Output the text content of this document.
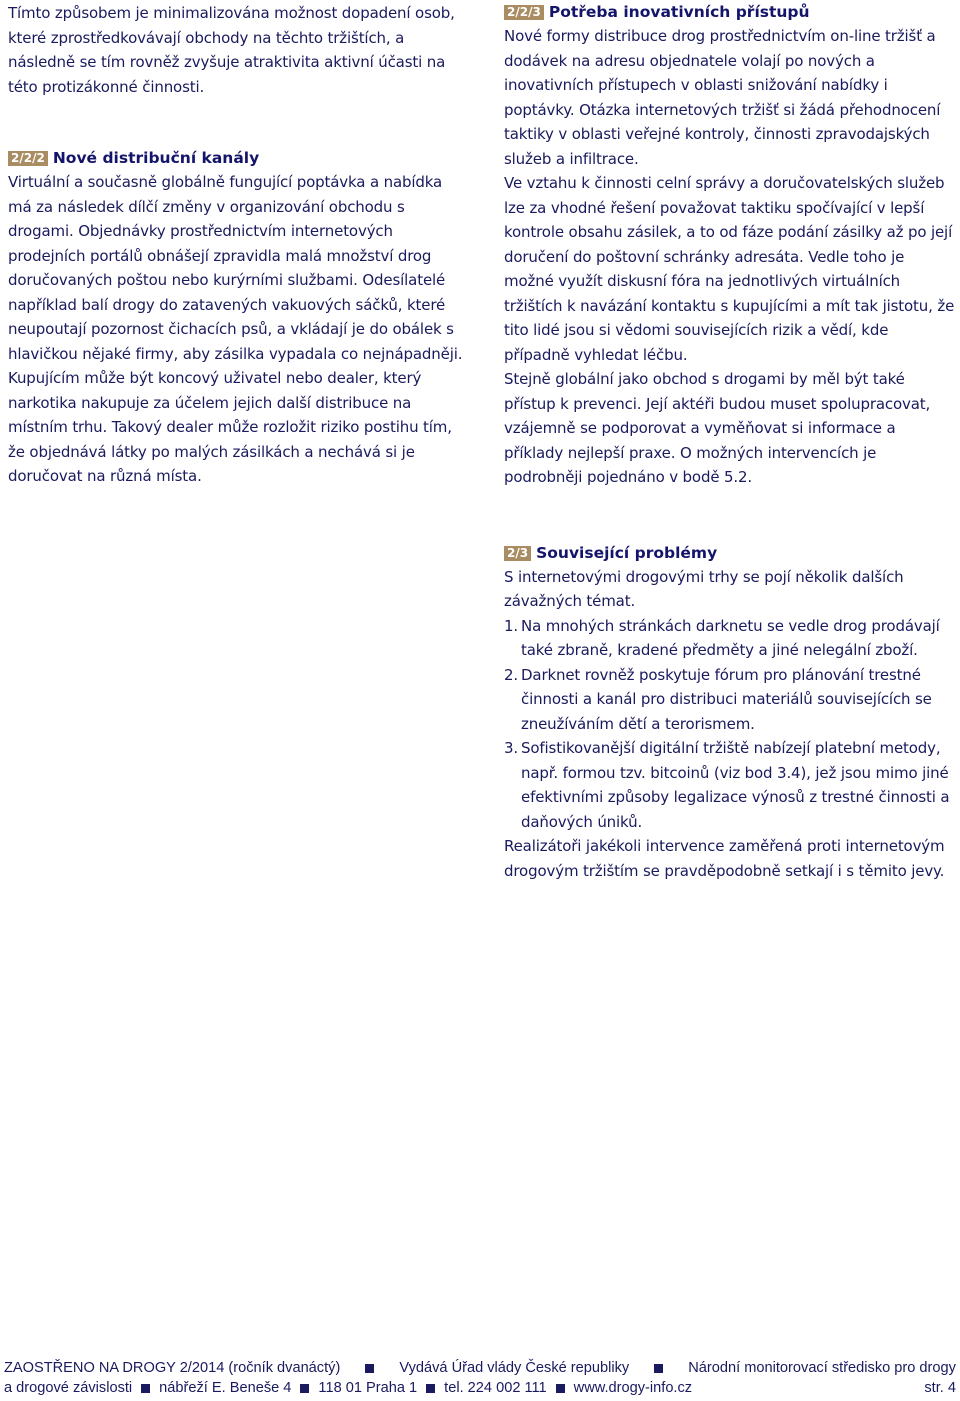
Tímto způsobem je minimalizována možnost dopadení osob, které zprostředkovávají obchody na těchto tržištích, a následně se tím rovněž zvyšuje atraktivita aktivní účasti na této protizákonné činnosti.

2/2/2 Nové distribuční kanály

Virtuální a současně globálně fungující poptávka a nabídka má za následek dílčí změny v organizování obchodu s drogami. Objednávky prostřednictvím internetových prodejních portálů obnášejí zpravidla malá množství drog doručovaných poštou nebo kurýrními službami. Odesílatelé například balí drogy do zatavených vakuových sáčků, které neupoutají pozornost čichacích psů, a vkládají je do obálek s hlavičkou nějaké firmy, aby zásilka vypadala co nejnápadněji.

Kupujícím může být koncový uživatel nebo dealer, který narkotika nakupuje za účelem jejich další distribuce na místním trhu. Takový dealer může rozložit riziko postihu tím, že objednává látky po malých zásilkách a nechává si je doručovat na různá místa.

2/2/3 Potřeba inovativních přístupů

Nové formy distribuce drog prostřednictvím on-line tržišť a dodávek na adresu objednatele volají po nových a inovativních přístupech v oblasti snižování nabídky i poptávky. Otázka internetových tržišť si žádá přehodnocení taktiky v oblasti veřejné kontroly, činnosti zpravodajských služeb a infiltrace.

Ve vztahu k činnosti celní správy a doručovatelských služeb lze za vhodné řešení považovat taktiku spočívající v lepší kontrole obsahu zásilek, a to od fáze podání zásilky až po její doručení do poštovní schránky adresáta. Vedle toho je možné využít diskusní fóra na jednotlivých virtuálních tržištích k navázání kontaktu s kupujícími a mít tak jistotu, že tito lidé jsou si vědomi souvisejících rizik a vědí, kde případně vyhledat léčbu.

Stejně globální jako obchod s drogami by měl být také přístup k prevenci. Její aktéři budou muset spolupracovat, vzájemně se podporovat a vyměňovat si informace a příklady nejlepší praxe. O možných intervencích je podrobněji pojednáno v bodě 5.2.

2/3 Související problémy

S internetovými drogovými trhy se pojí několik dalších závažných témat.

1. Na mnohých stránkách darknetu se vedle drog prodávají také zbraně, kradené předměty a jiné nelegální zboží.
2. Darknet rovněž poskytuje fórum pro plánování trestné činnosti a kanál pro distribuci materiálů souvisejících se zneužíváním dětí a terorismem.
3. Sofistikovanější digitální tržiště nabízejí platební metody, např. formou tzv. bitcoinů (viz bod 3.4), jež jsou mimo jiné efektivními způsoby legalizace výnosů z trestné činnosti a daňových úniků.

Realizátoři jakékoli intervence zaměřená proti internetovým drogovým tržištím se pravděpodobně setkají i s těmito jevy.

ZAOSTŘENO NA DROGY 2/2014 (ročník dvanáctý)	Vydává Úřad vlády České republiky	Národní monitorovací středisko pro drogy
a drogové závislosti nábřeží E. Beneše 4 118 01 Praha 1 tel. 224 002 111 www.drogy-info.cz	str. 4
